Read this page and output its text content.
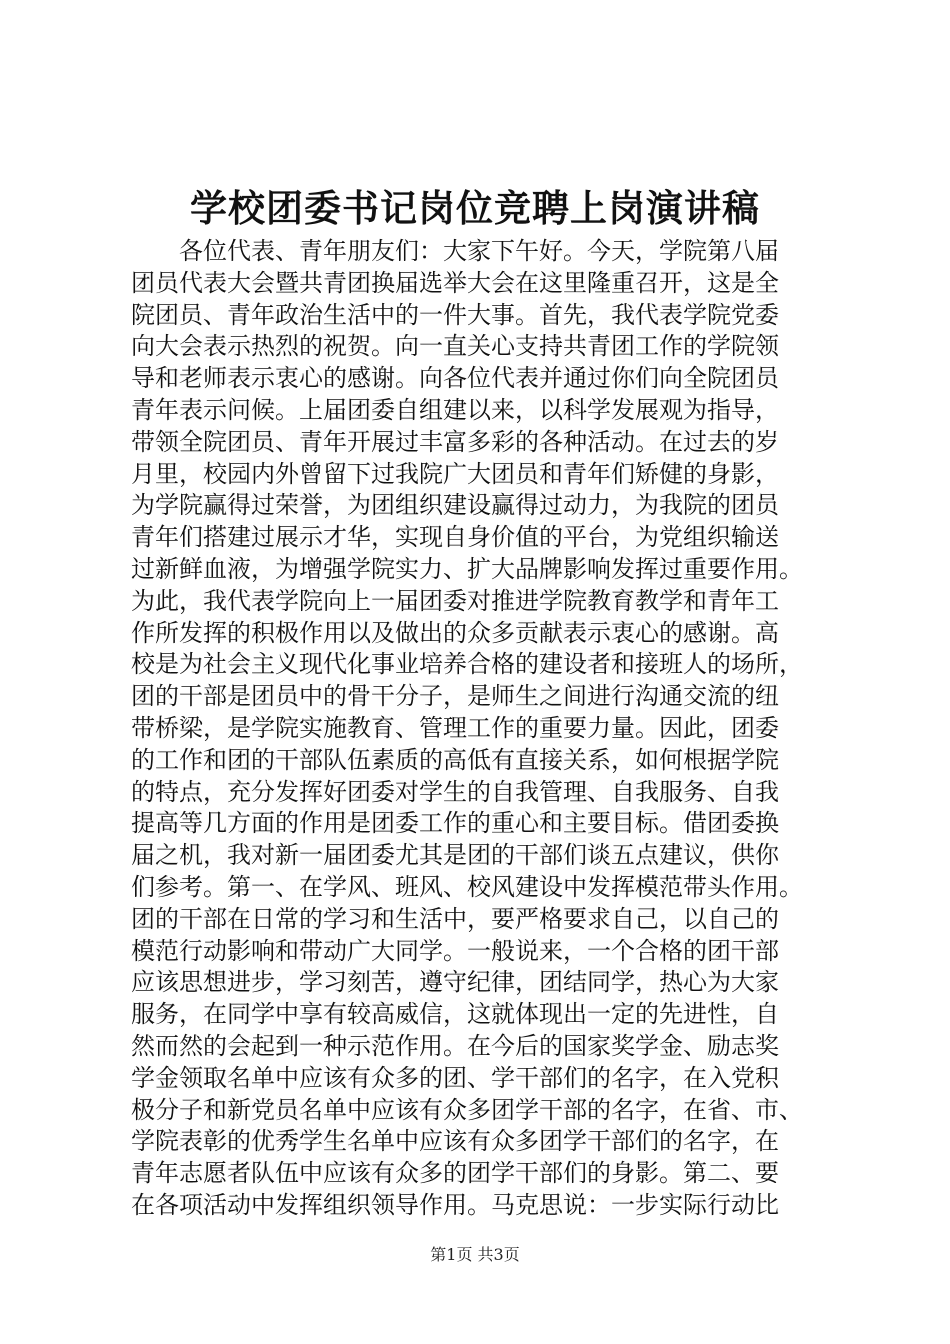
学校团委书记岗位竞聘上岗演讲稿
各位代表、青年朋友们：大家下午好。今天，学院第八届
团员代表大会暨共青团换届选举大会在这里隆重召开，这是全
院团员、青年政治生活中的一件大事。首先，我代表学院党委
向大会表示热烈的祝贺。向一直关心支持共青团工作的学院领
导和老师表示衷心的感谢。向各位代表并通过你们向全院团员
青年表示问候。上届团委自组建以来，以科学发展观为指导，
带领全院团员、青年开展过丰富多彩的各种活动。在过去的岁
月里，校园内外曾留下过我院广大团员和青年们矫健的身影，
为学院赢得过荣誉，为团组织建设赢得过动力，为我院的团员
青年们搭建过展示才华，实现自身价值的平台，为党组织输送
过新鲜血液，为增强学院实力、扩大品牌影响发挥过重要作用。
为此，我代表学院向上一届团委对推进学院教育教学和青年工
作所发挥的积极作用以及做出的众多贡献表示衷心的感谢。高
校是为社会主义现代化事业培养合格的建设者和接班人的场所，
团的干部是团员中的骨干分子，是师生之间进行沟通交流的纽
带桥梁，是学院实施教育、管理工作的重要力量。因此，团委
的工作和团的干部队伍素质的高低有直接关系，如何根据学院
的特点，充分发挥好团委对学生的自我管理、自我服务、自我
提高等几方面的作用是团委工作的重心和主要目标。借团委换
届之机，我对新一届团委尤其是团的干部们谈五点建议，供你
们参考。第一、在学风、班风、校风建设中发挥模范带头作用。
团的干部在日常的学习和生活中，要严格要求自己，以自己的
模范行动影响和带动广大同学。一般说来，一个合格的团干部
应该思想进步，学习刻苦，遵守纪律，团结同学，热心为大家
服务，在同学中享有较高威信，这就体现出一定的先进性，自
然而然的会起到一种示范作用。在今后的国家奖学金、励志奖
学金领取名单中应该有众多的团、学干部们的名字，在入党积
极分子和新党员名单中应该有众多团学干部的名字，在省、市、
学院表彰的优秀学生名单中应该有众多团学干部们的名字，在
青年志愿者队伍中应该有众多的团学干部们的身影。第二、要
在各项活动中发挥组织领导作用。马克思说：一步实际行动比
第1页 共3页
